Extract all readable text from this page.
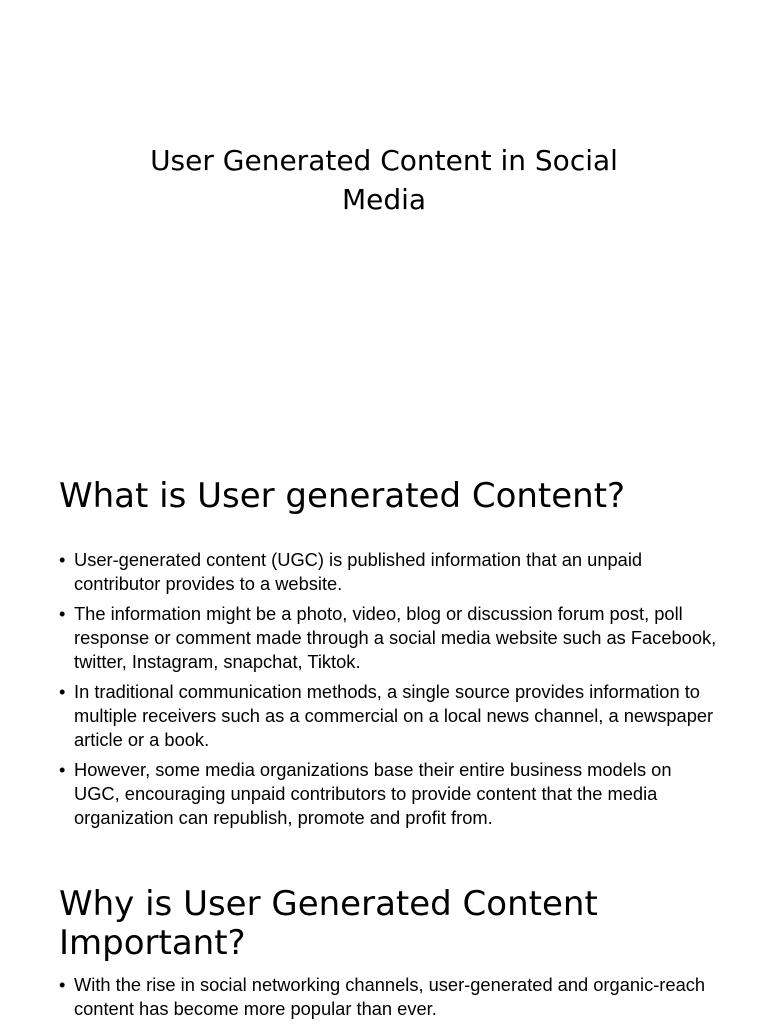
User Generated Content in Social Media
What is User generated Content?
• User-generated content (UGC) is published information that an unpaid contributor provides to a website.
• The information might be a photo, video, blog or discussion forum post, poll response or comment made through a social media website such as Facebook, twitter, Instagram, snapchat, Tiktok.
• In traditional communication methods, a single source provides information to multiple receivers such as a commercial on a local news channel, a newspaper article or a book.
• However, some media organizations base their entire business models on UGC, encouraging unpaid contributors to provide content that the media organization can republish, promote and profit from.
Why is User Generated Content Important?
• With the rise in social networking channels, user-generated and organic-reach content has become more popular than ever.
